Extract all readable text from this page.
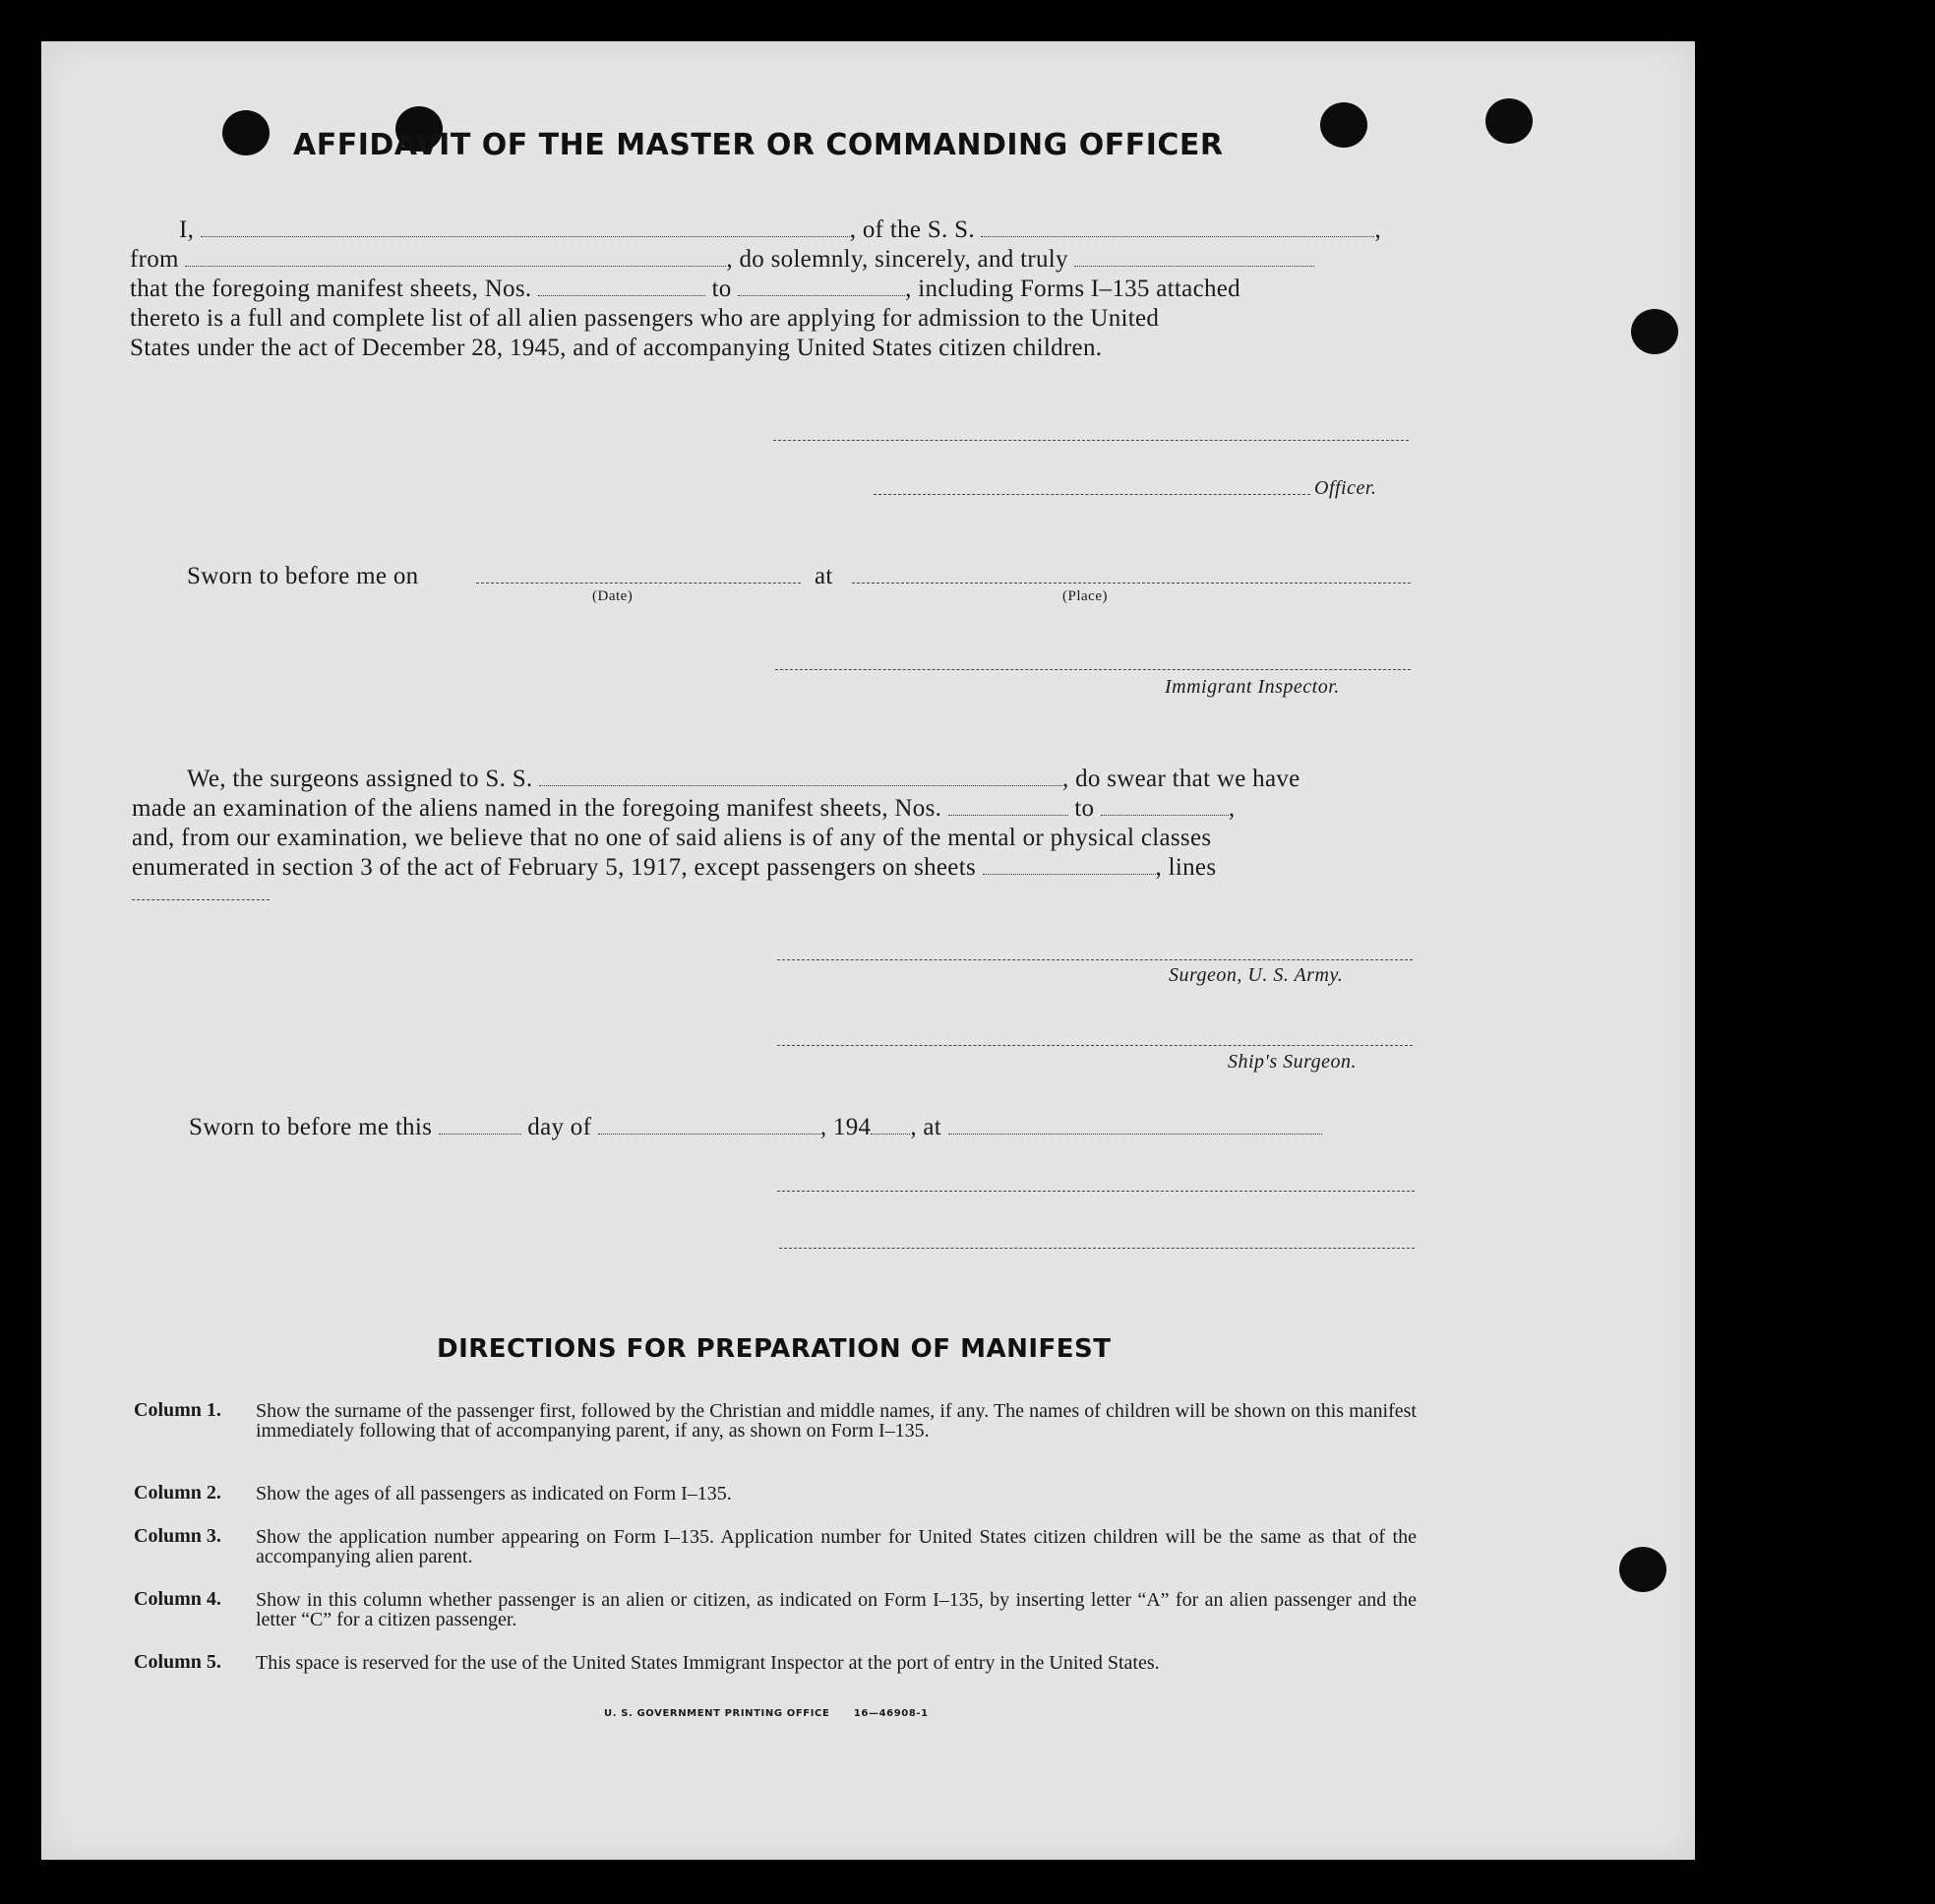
AFFIDAVIT OF THE MASTER OR COMMANDING OFFICER
I,	, of the S. S.	,
from	, do solemnly, sincerely, and truly
that the foregoing manifest sheets, Nos.	to	, including Forms I–135 attached
thereto is a full and complete list of all alien passengers who are applying for admission to the United
States under the act of December 28, 1945, and of accompanying United States citizen children.
Officer.
Sworn to before me on	at
(Date)	(Place)
Immigrant Inspector.
We, the surgeons assigned to S. S.	, do swear that we have
made an examination of the aliens named in the foregoing manifest sheets, Nos.	to	,
and, from our examination, we believe that no one of said aliens is of any of the mental or physical classes
enumerated in section 3 of the act of February 5, 1917, except passengers on sheets	, lines
Surgeon, U. S. Army.
Ship's Surgeon.
Sworn to before me this	day of	, 194 , at
DIRECTIONS FOR PREPARATION OF MANIFEST
Column 1. Show the surname of the passenger first, followed by the Christian and middle names, if any. The names of children will be shown on this manifest immediately following that of accompanying parent, if any, as shown on Form I–135.
Column 2. Show the ages of all passengers as indicated on Form I–135.
Column 3. Show the application number appearing on Form I–135. Application number for United States citizen children will be the same as that of the accompanying alien parent.
Column 4. Show in this column whether passenger is an alien or citizen, as indicated on Form I–135, by inserting letter “A” for an alien passenger and the letter “C” for a citizen passenger.
Column 5. This space is reserved for the use of the United States Immigrant Inspector at the port of entry in the United States.
U. S. GOVERNMENT PRINTING OFFICE      16—46908-1
